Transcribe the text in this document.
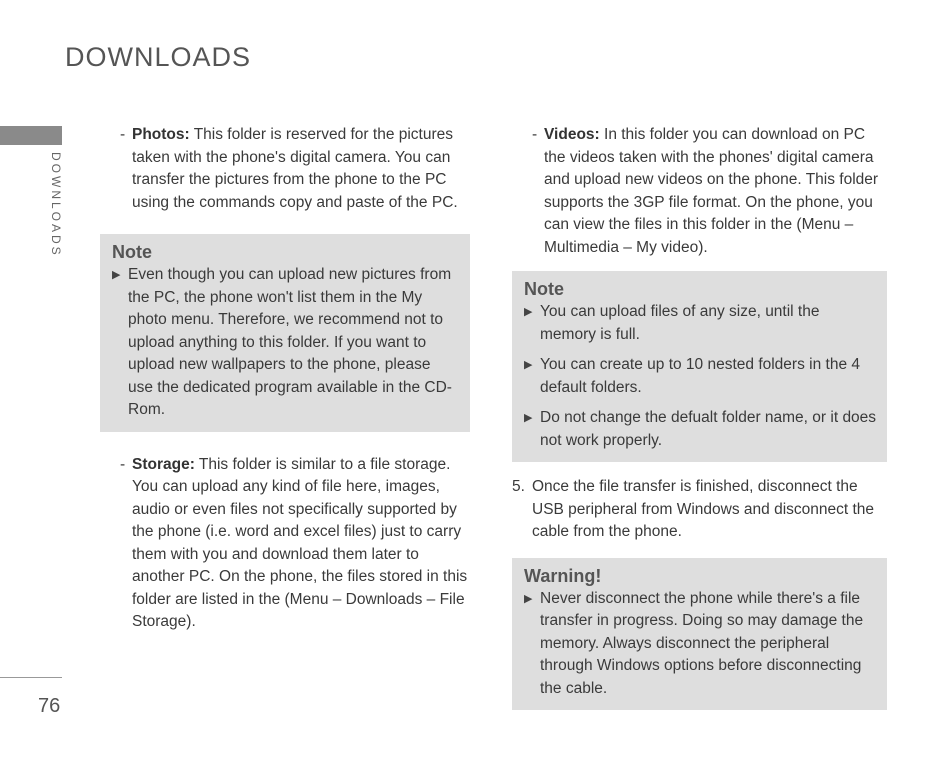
DOWNLOADS
DOWNLOADS
76

- Photos: This folder is reserved for the pictures taken with the phone's digital camera. You can transfer the pictures from the phone to the PC using the commands copy and paste of the PC.

Note

▶ Even though you can upload new pictures from the PC, the phone won't list them in the My photo menu. Therefore, we recommend not to upload anything to this folder. If you want to upload new wallpapers to the phone, please use the dedicated program available in the CD-Rom.

- Storage: This folder is similar to a file storage. You can upload any kind of file here, images, audio or even files not specifically supported by the phone (i.e. word and excel files) just to carry them with you and download them later to another PC. On the phone, the files stored in this folder are listed in the (Menu – Downloads – File Storage).

- Videos: In this folder you can download on PC the videos taken with the phones' digital camera and upload new videos on the phone. This folder supports the 3GP file format. On the phone, you can view the files in this folder in the (Menu – Multimedia – My video).

Note

▶ You can upload files of any size, until the memory is full.

▶ You can create up to 10 nested folders in the 4 default folders.

▶ Do not change the defualt folder name, or it does not work properly.

5. Once the file transfer is finished, disconnect the USB peripheral from Windows and disconnect the cable from the phone.

Warning!

▶ Never disconnect the phone while there's a file transfer in progress. Doing so may damage the memory. Always disconnect the peripheral through Windows options before disconnecting the cable.
